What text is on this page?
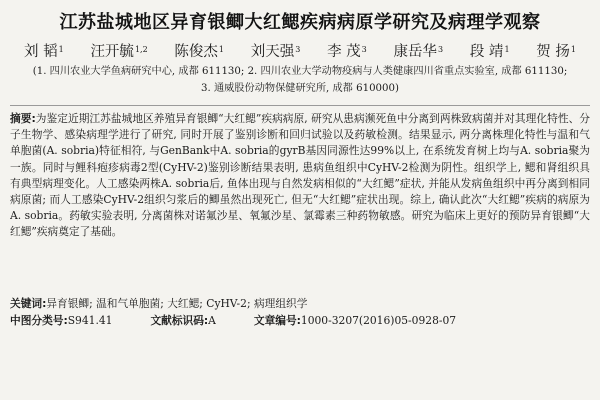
江苏盐城地区异育银鲫大红鳃疾病病原学研究及病理学观察
刘 韬$^1$ 汪开毓$^{1,2}$ 陈俊杰$^1$ 刘天强$^3$ 李 茂$^3$ 康岳华$^3$ 段 靖$^1$ 贺 扬$^1$
(1. 四川农业大学鱼病研究中心, 成都 611130; 2. 四川农业大学动物疫病与人类健康四川省重点实验室, 成都 611130;
3. 通威股份动物保健研究所, 成都 610000)

摘要:为鉴定近期江苏盐城地区养殖异育银鲫“大红鳃”疾病病原, 研究从患病濒死鱼中分离到两株致病菌并对其理化特性、分子生物学、感染病理学进行了研究, 同时开展了鉴别诊断和回归试验以及药敏检测。结果显示, 两分离株理化特性与温和气单胞菌(A. sobria)特征相符, 与GenBank中A. sobria的gyrB基因同源性达99%以上, 在系统发育树上均与A. sobria聚为一族。同时与鲤科疱疹病毒2型(CyHV-2)鉴别诊断结果表明, 患病鱼组织中CyHV-2检测为阴性。组织学上, 鳃和肾组织具有典型病理变化。人工感染两株A. sobria后, 鱼体出现与自然发病相似的“大红鳃”症状, 并能从发病鱼组织中再分离到相同病原菌; 而人工感染CyHV-2组织匀浆后的鲫虽然出现死亡, 但无“大红鳃”症状出现。综上, 确认此次“大红鳃”疾病的病原为A. sobria。药敏实验表明, 分离菌株对诺氟沙星、氧氟沙星、氯霉素三种药物敏感。研究为临床上更好的预防异育银鲫“大红鳃”疾病奠定了基础。

关键词: 异育银鲫; 温和气单胞菌; 大红鳃; CyHV-2; 病理组织学
中图分类号:S941.41	文献标识码:A	文章编号:1000-3207(2016)05-0928-07
